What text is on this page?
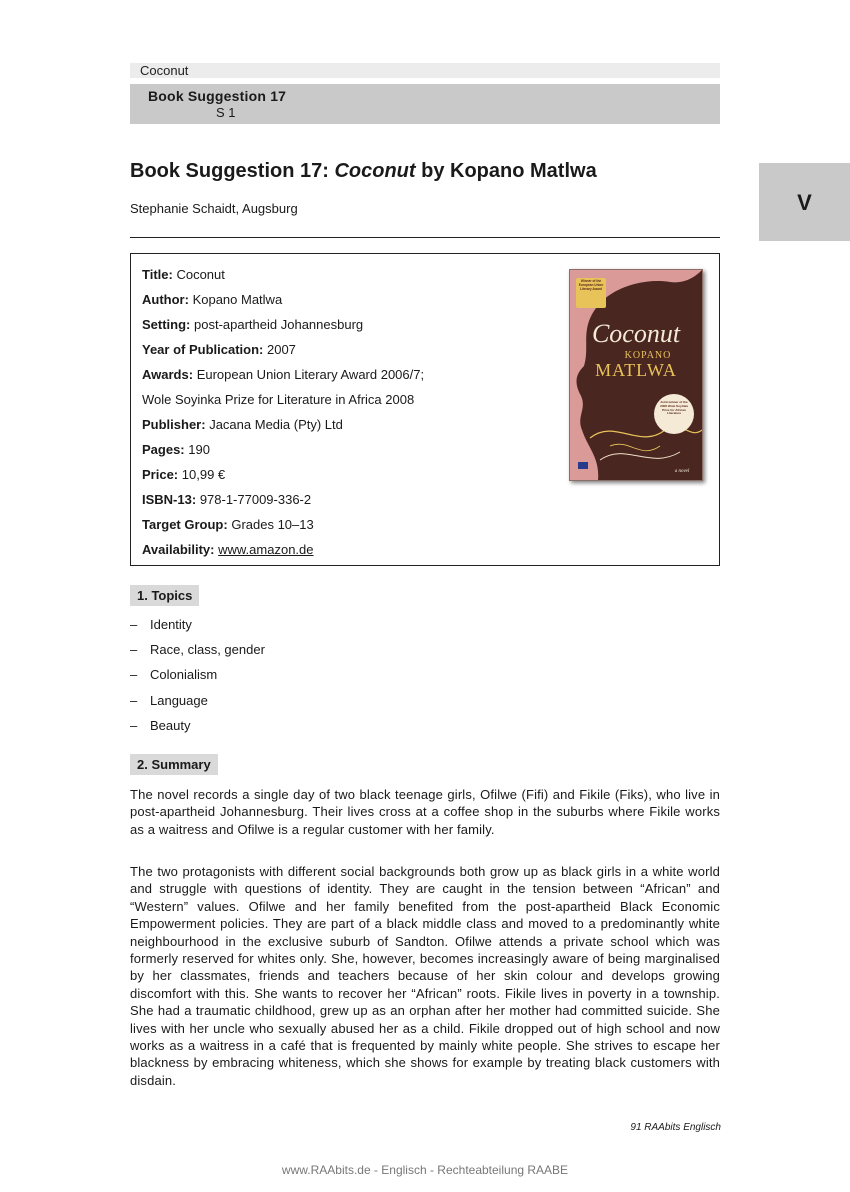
Coconut
Book Suggestion 17
S 1
V
Book Suggestion 17: Coconut by Kopano Matlwa
Stephanie Schaidt, Augsburg
Title: Coconut
Author: Kopano Matlwa
Setting: post-apartheid Johannesburg
Year of Publication: 2007
Awards: European Union Literary Award 2006/7;
Wole Soyinka Prize for Literature in Africa 2008
Publisher: Jacana Media (Pty) Ltd
Pages: 190
Price: 10,99 €
ISBN-13: 978-1-77009-336-2
Target Group: Grades 10–13
Availability: www.amazon.de
Winner of the European Union Literary Award
Coconut
KOPANO
MATLWA
Joint winner of the 2008 Wole Soyinka Prize for African Literature
a novel
1. Topics
– Identity
– Race, class, gender
– Colonialism
– Language
– Beauty
2. Summary

The novel records a single day of two black teenage girls, Ofilwe (Fifi) and Fikile (Fiks), who live in post-apartheid Johannesburg. Their lives cross at a coffee shop in the suburbs where Fikile works as a waitress and Ofilwe is a regular customer with her family.

The two protagonists with different social backgrounds both grow up as black girls in a white world and struggle with questions of identity. They are caught in the tension between “African” and “Western” values. Ofilwe and her family benefited from the post-apartheid Black Economic Empowerment policies. They are part of a black middle class and moved to a predominantly white neighbourhood in the exclusive suburb of Sandton. Ofilwe attends a private school which was formerly reserved for whites only. She, however, becomes increasingly aware of being marginalised by her classmates, friends and teachers because of her skin colour and develops growing discomfort with this. She wants to recover her “African” roots. Fikile lives in poverty in a township. She had a traumatic childhood, grew up as an orphan after her mother had committed suicide. She lives with her uncle who sexually abused her as a child. Fikile dropped out of high school and now works as a waitress in a café that is frequented by mainly white people. She strives to escape her blackness by embracing whiteness, which she shows for example by treating black customers with disdain.

91 RAAbits Englisch
www.RAAbits.de - Englisch - Rechteabteilung RAABE
